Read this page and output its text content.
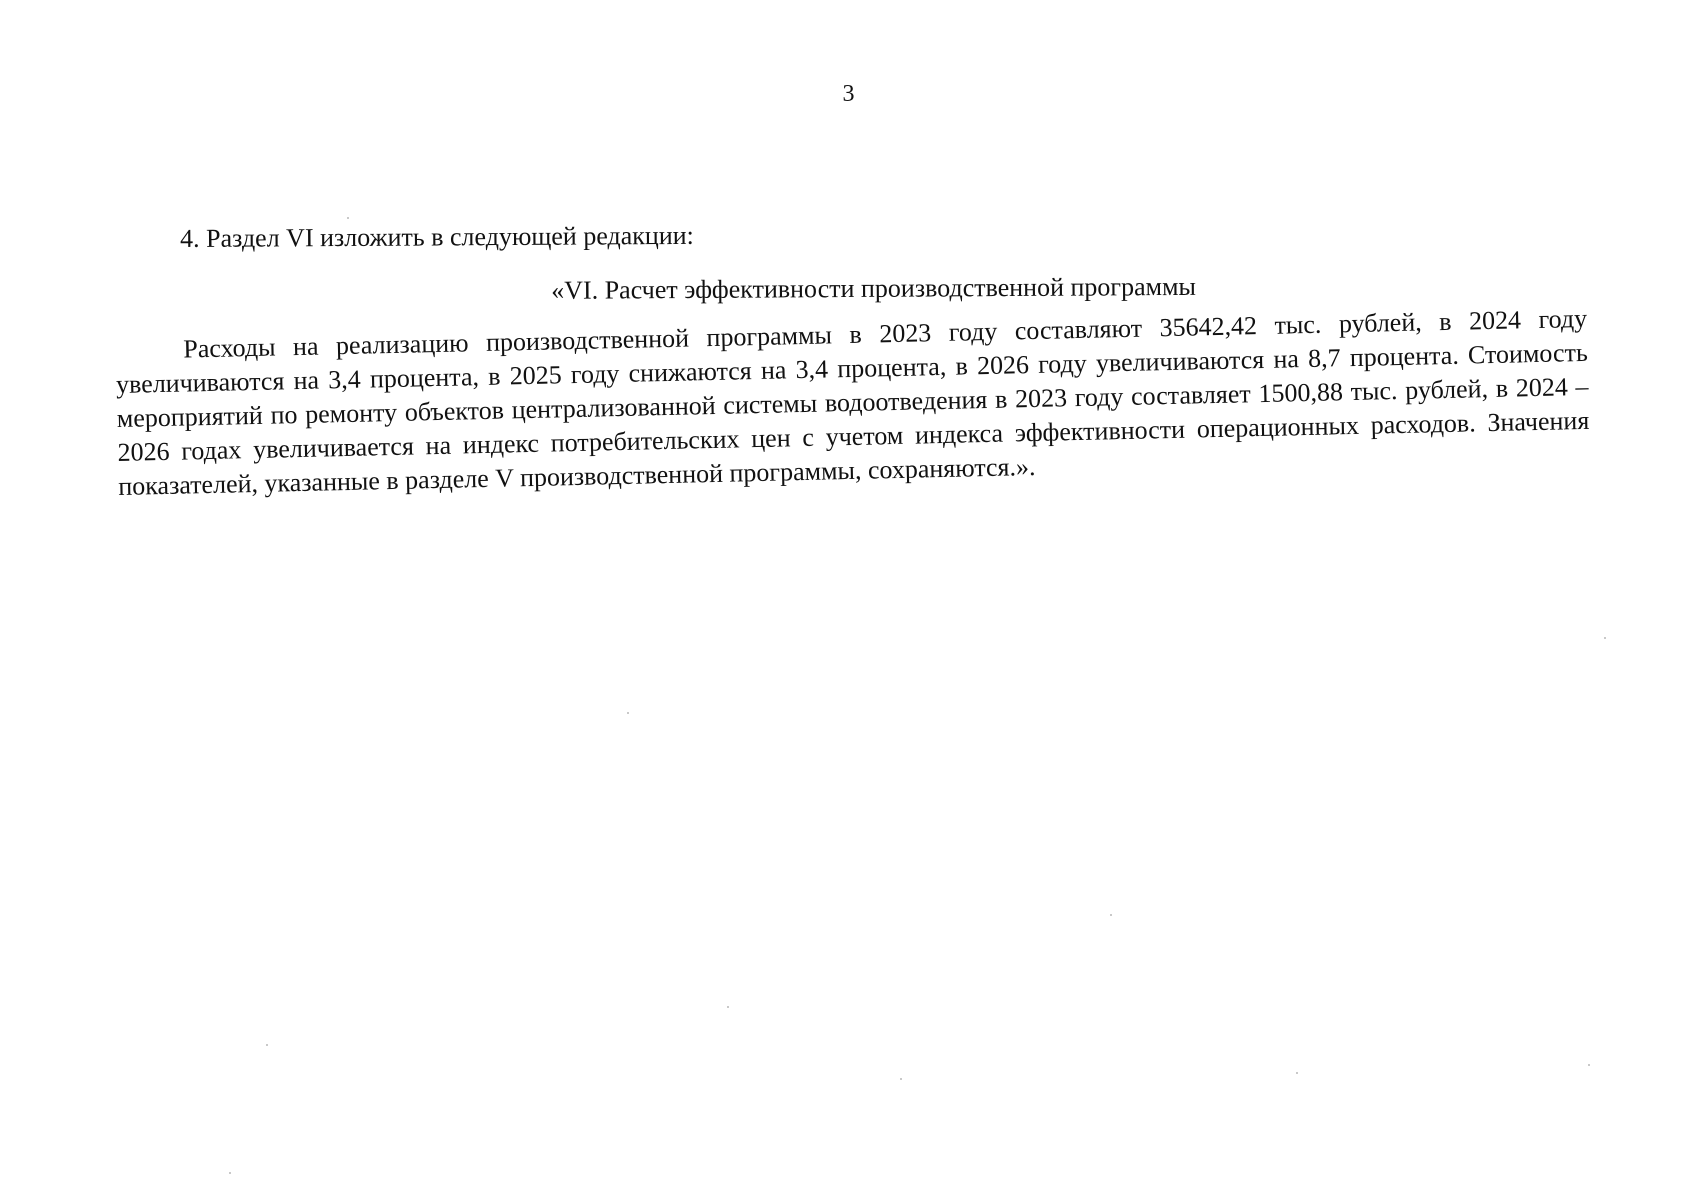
3
4. Раздел VI изложить в следующей редакции:
«VI. Расчет эффективности производственной программы
Расходы на реализацию производственной программы в 2023 году составляют 35642,42 тыс. рублей, в 2024 году увеличиваются на 3,4 процента, в 2025 году снижаются на 3,4 процента, в 2026 году увеличиваются на 8,7 процента. Стоимость мероприятий по ремонту объектов централизованной системы водоотведения в 2023 году составляет 1500,88 тыс. рублей, в 2024 – 2026 годах увеличивается на индекс потребительских цен с учетом индекса эффективности операционных расходов. Значения показателей, указанные в разделе V производственной программы, сохраняются.».
